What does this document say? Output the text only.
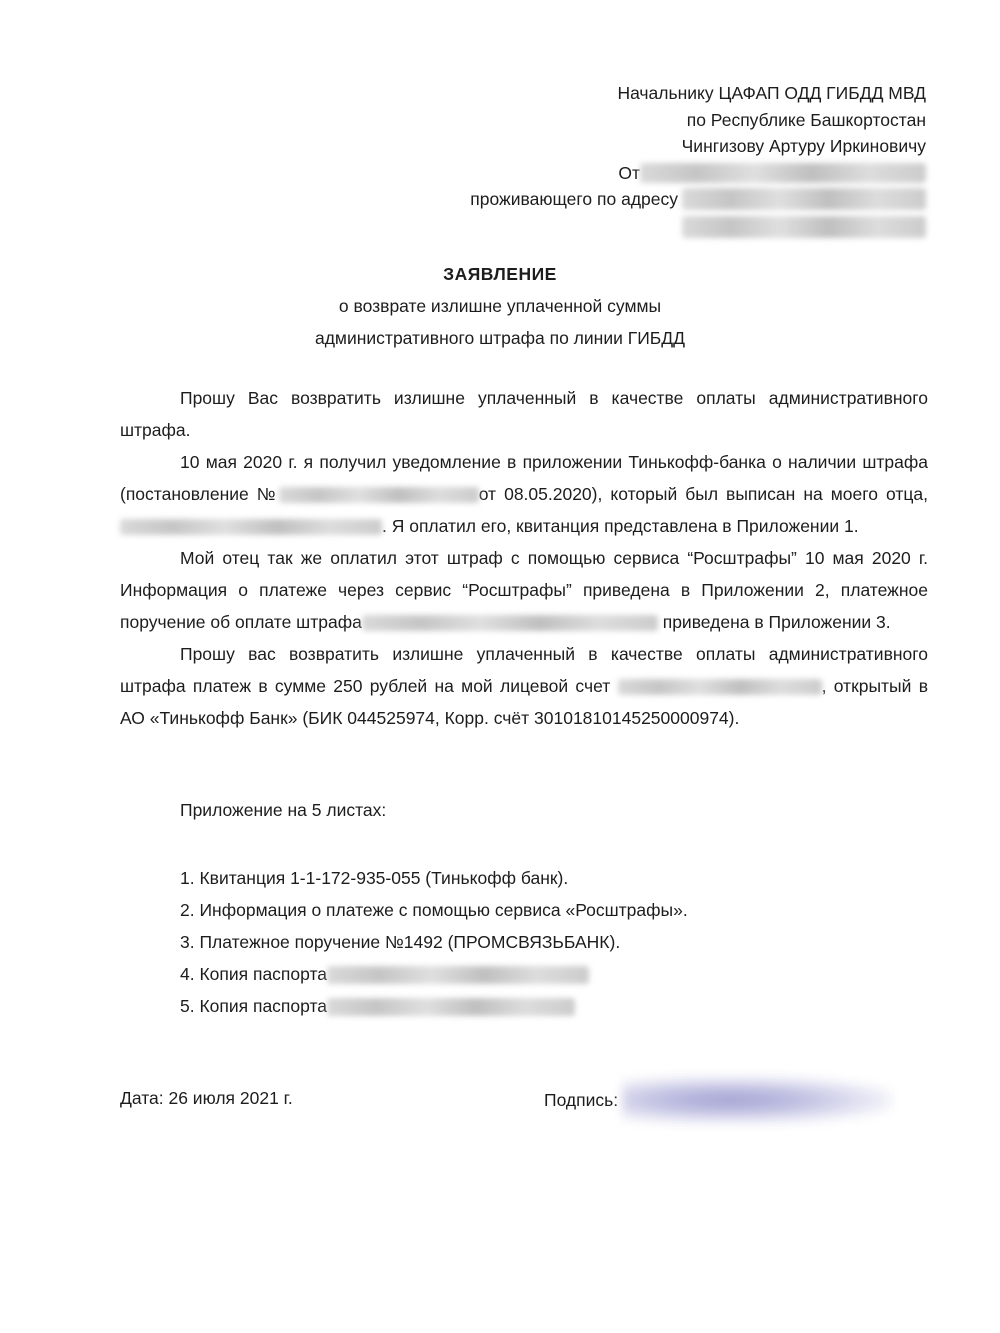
Начальнику ЦАФАП ОДД ГИБДД МВД
по Республике Башкортостан
Чингизову Артуру Иркиновичу
От
проживающего по адресу
ЗАЯВЛЕНИЕ
о возврате излишне уплаченной суммы
административного штрафа по линии ГИБДД

Прошу Вас возвратить излишне уплаченный в качестве оплаты административного штрафа.

10 мая 2020 г. я получил уведомление в приложении Тинькофф-банка о наличии штрафа (постановление №	от 08.05.2020), который был выписан на моего отца, . Я оплатил его, квитанция представлена в Приложении 1.

Мой отец так же оплатил этот штраф с помощью сервиса “Росштрафы” 10 мая 2020 г. Информация о платеже через сервис “Росштрафы” приведена в Приложении 2, платежное поручение об оплате штрафа	приведена в Приложении 3.

Прошу вас возвратить излишне уплаченный в качестве оплаты административного штрафа платеж в сумме 250 рублей на мой лицевой счет	, открытый в АО «Тинькофф Банк» (БИК 044525974, Корр. счёт 30101810145250000974).

Приложение на 5 листах:
1. Квитанция 1-1-172-935-055 (Тинькофф банк).
2. Информация о платеже с помощью сервиса «Росштрафы».
3. Платежное поручение №1492 (ПРОМСВЯЗЬБАНК).
4. Копия паспорта
5. Копия паспорта
Дата: 26 июля 2021 г.	Подпись:
